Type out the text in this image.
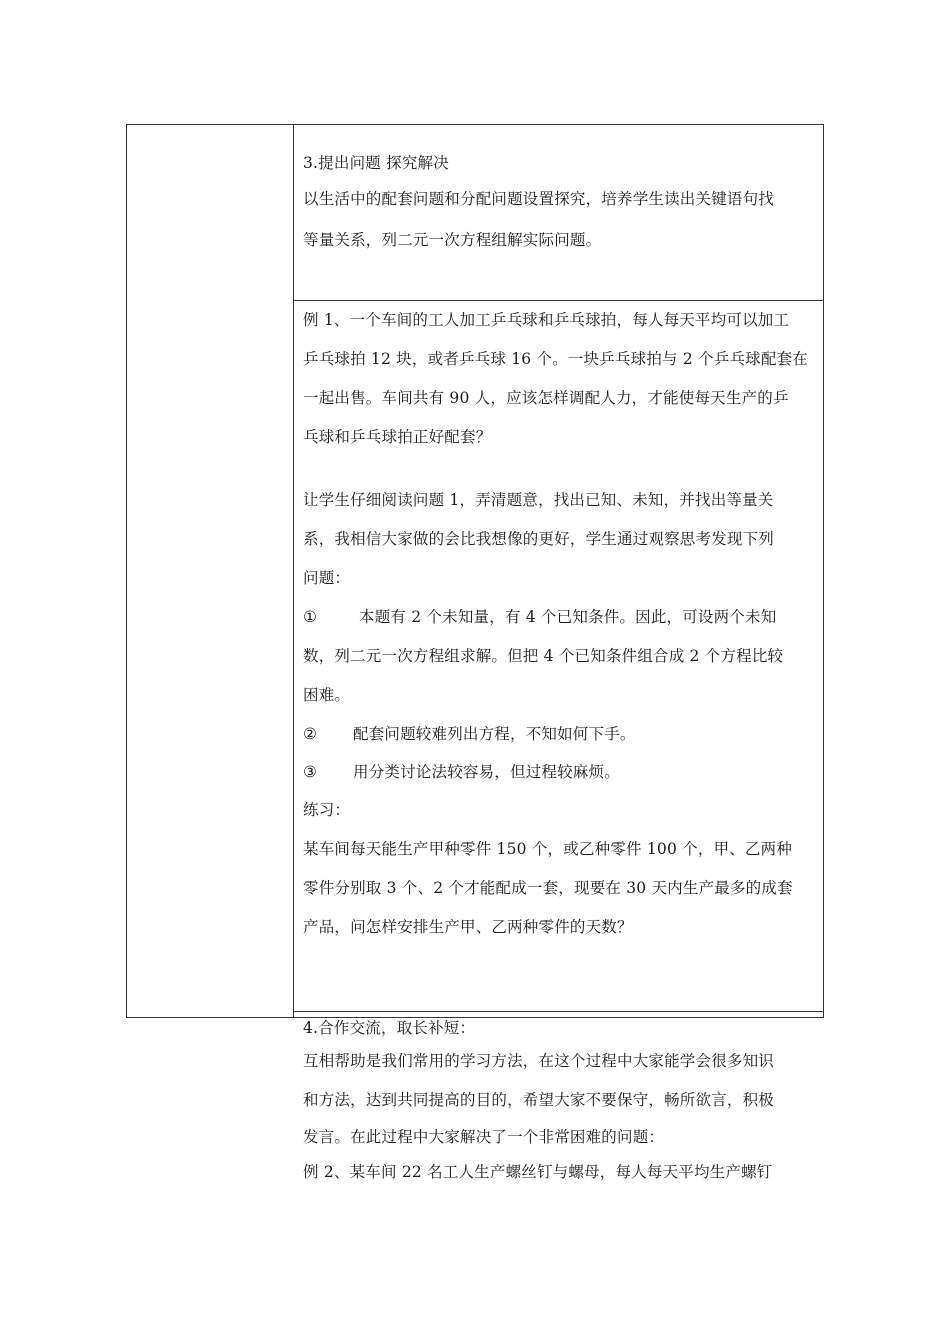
3.提出问题 探究解决
以生活中的配套问题和分配问题设置探究，培养学生读出关键语句找
等量关系，列二元一次方程组解实际问题。
例 1、一个车间的工人加工乒乓球和乒乓球拍，每人每天平均可以加工
乒乓球拍 12 块，或者乒乓球 16 个。一块乒乓球拍与 2 个乒乓球配套在
一起出售。车间共有 90 人，应该怎样调配人力，才能使每天生产的乒
乓球和乒乓球拍正好配套？
让学生仔细阅读问题 1，弄清题意，找出已知、未知，并找出等量关
系，我相信大家做的会比我想像的更好，学生通过观察思考发现下列
问题：
①	本题有 2 个未知量，有 4 个已知条件。因此，可设两个未知
数，列二元一次方程组求解。但把 4 个已知条件组合成 2 个方程比较
困难。
② 配套问题较难列出方程，不知如何下手。
③ 用分类讨论法较容易，但过程较麻烦。
练习：
某车间每天能生产甲种零件 150 个，或乙种零件 100 个，甲、乙两种
零件分别取 3 个、2 个才能配成一套，现要在 30 天内生产最多的成套
产品，问怎样安排生产甲、乙两种零件的天数？
4.合作交流，取长补短：
互相帮助是我们常用的学习方法，在这个过程中大家能学会很多知识
和方法，达到共同提高的目的，希望大家不要保守，畅所欲言，积极
发言。在此过程中大家解决了一个非常困难的问题：
例 2、某车间 22 名工人生产螺丝钉与螺母，每人每天平均生产螺钉
